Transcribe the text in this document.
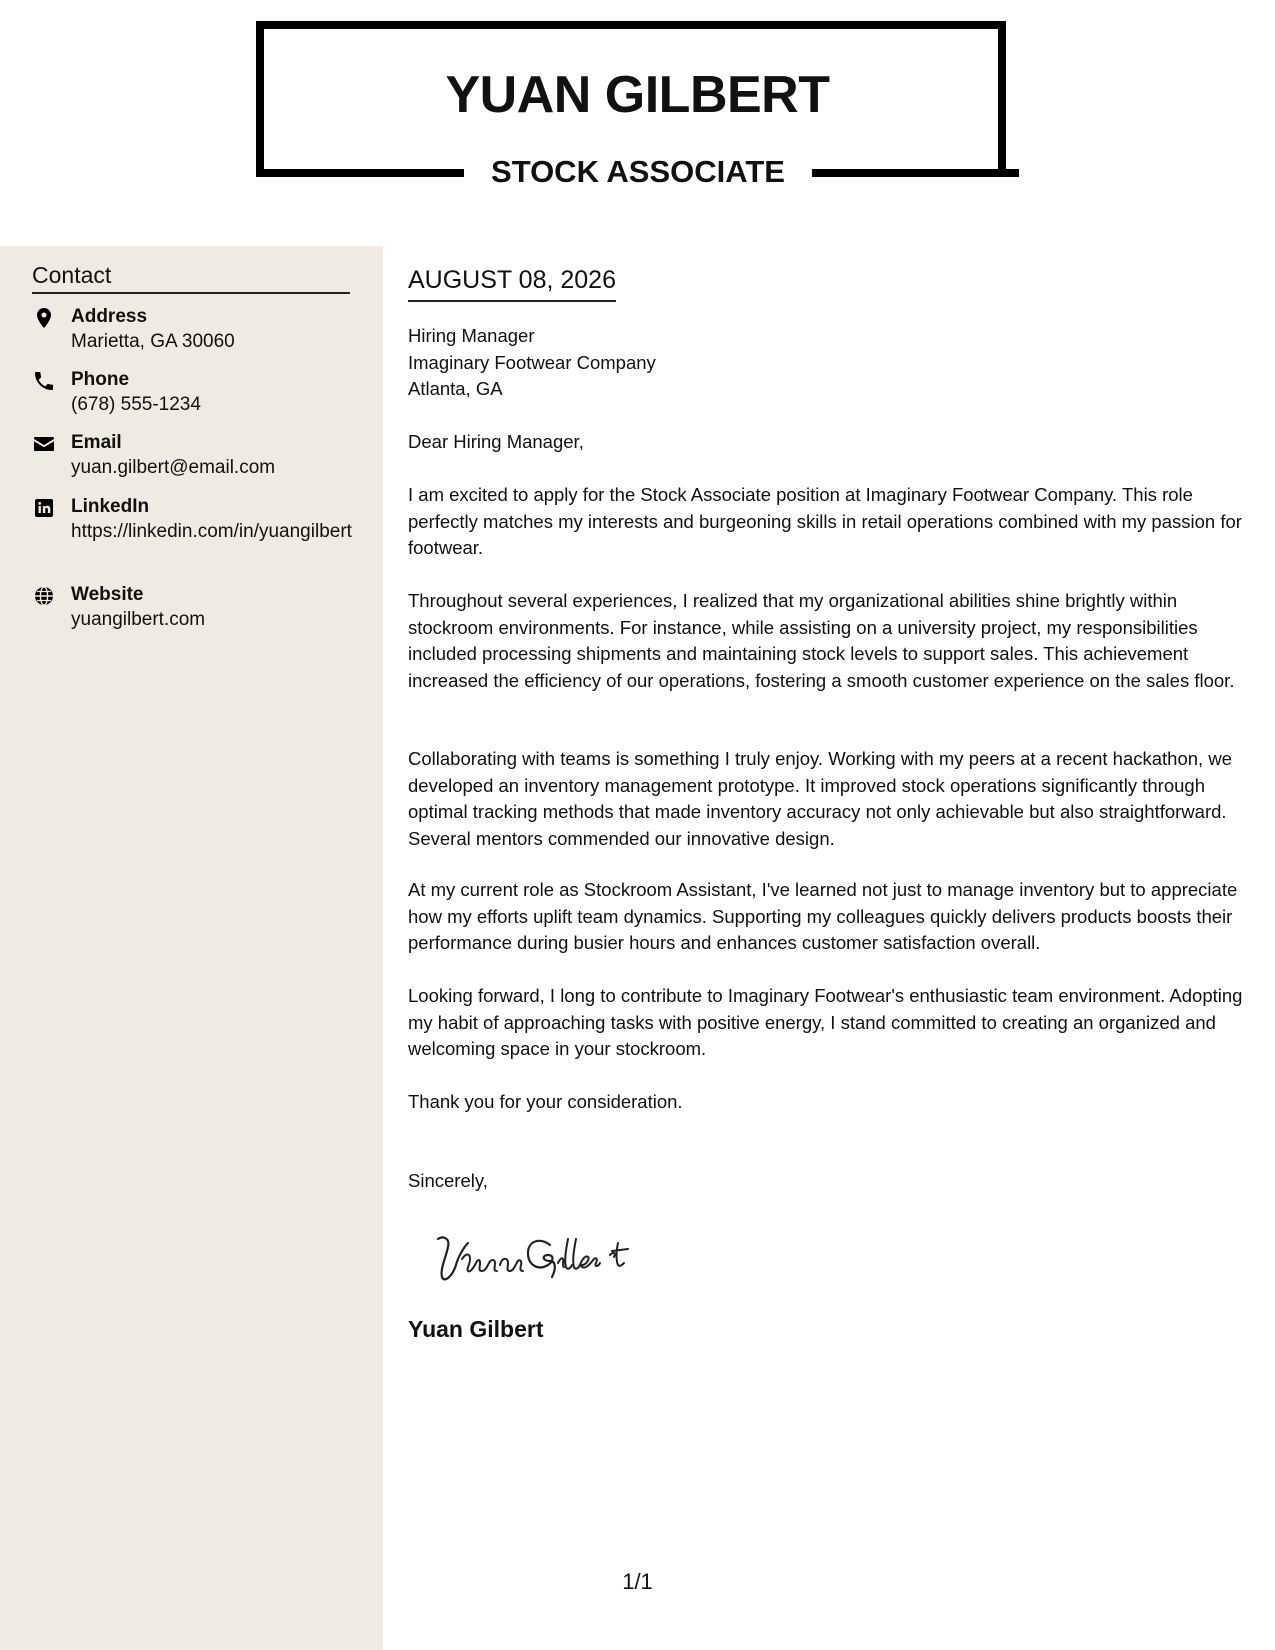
YUAN GILBERT
STOCK ASSOCIATE
Contact
Address
Marietta, GA 30060
Phone
(678) 555-1234
Email
yuan.gilbert@email.com
LinkedIn
https://linkedin.com/in/yuangilbert
Website
yuangilbert.com
AUGUST 08, 2026
Hiring Manager
Imaginary Footwear Company
Atlanta, GA

Dear Hiring Manager,

I am excited to apply for the Stock Associate position at Imaginary Footwear Company. This role perfectly matches my interests and burgeoning skills in retail operations combined with my passion for footwear.

Throughout several experiences, I realized that my organizational abilities shine brightly within stockroom environments. For instance, while assisting on a university project, my responsibilities included processing shipments and maintaining stock levels to support sales. This achievement increased the efficiency of our operations, fostering a smooth customer experience on the sales floor.

Collaborating with teams is something I truly enjoy. Working with my peers at a recent hackathon, we developed an inventory management prototype. It improved stock operations significantly through optimal tracking methods that made inventory accuracy not only achievable but also straightforward. Several mentors commended our innovative design.

At my current role as Stockroom Assistant, I've learned not just to manage inventory but to appreciate how my efforts uplift team dynamics. Supporting my colleagues quickly delivers products boosts their performance during busier hours and enhances customer satisfaction overall.

Looking forward, I long to contribute to Imaginary Footwear's enthusiastic team environment. Adopting my habit of approaching tasks with positive energy, I stand committed to creating an organized and welcoming space in your stockroom.

Thank you for your consideration.

Sincerely,

Yuan Gilbert
1/1
